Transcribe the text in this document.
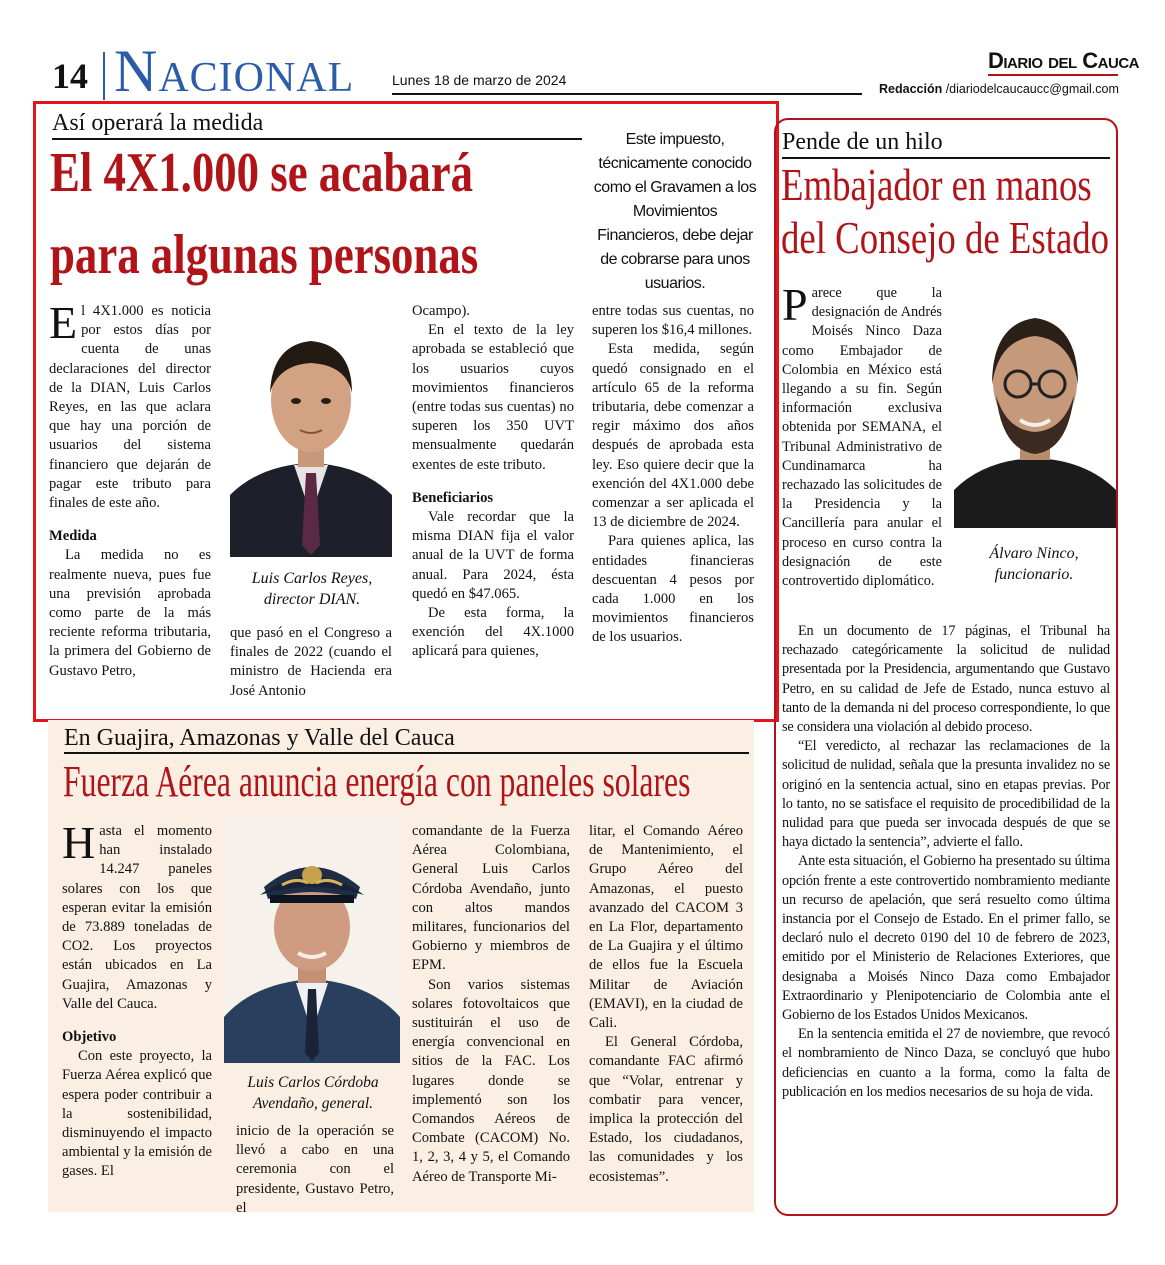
14 Nacional	Lunes 18 de marzo de 2024
Diario del Cauca
Redacción /diariodelcaucaucc@gmail.com
Así operará la medida
El 4X1.000 se acabará
para algunas personas
Este impuesto, técnicamente conocido como el Gravamen a los Movimientos Financieros, debe dejar de cobrarse para unos usuarios.

El 4X1.000 es noticia por estos días por cuenta de unas declaraciones del director de la DIAN, Luis Carlos Reyes, en las que aclara que hay una porción de usuarios del sistema financiero que dejarán de pagar este tributo para finales de este año.

Medida

La medida no es realmente nueva, pues fue una previsión aprobada como parte de la más reciente reforma tributaria, la primera del Gobierno de Gustavo Petro,

Luis Carlos Reyes, director DIAN.

que pasó en el Congreso a finales de 2022 (cuando el ministro de Hacienda era José Antonio

Ocampo).

En el texto de la ley aprobada se estableció que los usuarios cuyos movimientos financieros (entre todas sus cuentas) no superen los 350 UVT mensualmente quedarán exentes de este tributo.

Beneficiarios

Vale recordar que la misma DIAN fija el valor anual de la UVT de forma anual. Para 2024, ésta quedó en $47.065.

De esta forma, la exención del 4X.1000 aplicará para quienes,

entre todas sus cuentas, no superen los $16,4 millones.

Esta medida, según quedó consignado en el artículo 65 de la reforma tributaria, debe comenzar a regir máximo dos años después de aprobada esta ley. Eso quiere decir que la exención del 4X1.000 debe comenzar a ser aplicada el 13 de diciembre de 2024.

Para quienes aplica, las entidades financieras descuentan 4 pesos por cada 1.000 en los movimientos financieros de los usuarios.

Pende de un hilo
Embajador en manos
del Consejo de Estado

Parece que la designación de Andrés Moisés Ninco Daza como Embajador de Colombia en México está llegando a su fin. Según información exclusiva obtenida por SEMANA, el Tribunal Administrativo de Cundinamarca ha rechazado las solicitudes de la Presidencia y la Cancillería para anular el proceso en curso contra la designación de este controvertido diplomático.

Álvaro Ninco, funcionario.

En un documento de 17 páginas, el Tribunal ha rechazado categóricamente la solicitud de nulidad presentada por la Presidencia, argumentando que Gustavo Petro, en su calidad de Jefe de Estado, nunca estuvo al tanto de la demanda ni del proceso correspondiente, lo que se considera una violación al debido proceso.

“El veredicto, al rechazar las reclamaciones de la solicitud de nulidad, señala que la presunta invalidez no se originó en la sentencia actual, sino en etapas previas. Por lo tanto, no se satisface el requisito de procedibilidad de la nulidad para que pueda ser invocada después de que se haya dictado la sentencia”, advierte el fallo.

Ante esta situación, el Gobierno ha presentado su última opción frente a este controvertido nombramiento mediante un recurso de apelación, que será resuelto como última instancia por el Consejo de Estado. En el primer fallo, se declaró nulo el decreto 0190 del 10 de febrero de 2023, emitido por el Ministerio de Relaciones Exteriores, que designaba a Moisés Ninco Daza como Embajador Extraordinario y Plenipotenciario de Colombia ante el Gobierno de los Estados Unidos Mexicanos.

En la sentencia emitida el 27 de noviembre, que revocó el nombramiento de Ninco Daza, se concluyó que hubo deficiencias en cuanto a la forma, como la falta de publicación en los medios necesarios de su hoja de vida.

En Guajira, Amazonas y Valle del Cauca
Fuerza Aérea anuncia energía con paneles solares

Hasta el momento han instalado 14.247 paneles solares con los que esperan evitar la emisión de 73.889 toneladas de CO2. Los proyectos están ubicados en La Guajira, Amazonas y Valle del Cauca.

Objetivo

Con este proyecto, la Fuerza Aérea explicó que espera poder contribuir a la sostenibilidad, disminuyendo el impacto ambiental y la emisión de gases. El

Luis Carlos Córdoba Avendaño, general.

inicio de la operación se llevó a cabo en una ceremonia con el presidente, Gustavo Petro, el

comandante de la Fuerza Aérea Colombiana, General Luis Carlos Córdoba Avendaño, junto con altos mandos militares, funcionarios del Gobierno y miembros de EPM.

Son varios sistemas solares fotovoltaicos que sustituirán el uso de energía convencional en sitios de la FAC. Los lugares donde se implementó son los Comandos Aéreos de Combate (CACOM) No. 1, 2, 3, 4 y 5, el Comando Aéreo de Transporte Mi-

litar, el Comando Aéreo de Mantenimiento, el Grupo Aéreo del Amazonas, el puesto avanzado del CACOM 3 en La Flor, departamento de La Guajira y el último de ellos fue la Escuela Militar de Aviación (EMAVI), en la ciudad de Cali.

El General Córdoba, comandante FAC afirmó que “Volar, entrenar y combatir para vencer, implica la protección del Estado, los ciudadanos, las comunidades y los ecosistemas”.
